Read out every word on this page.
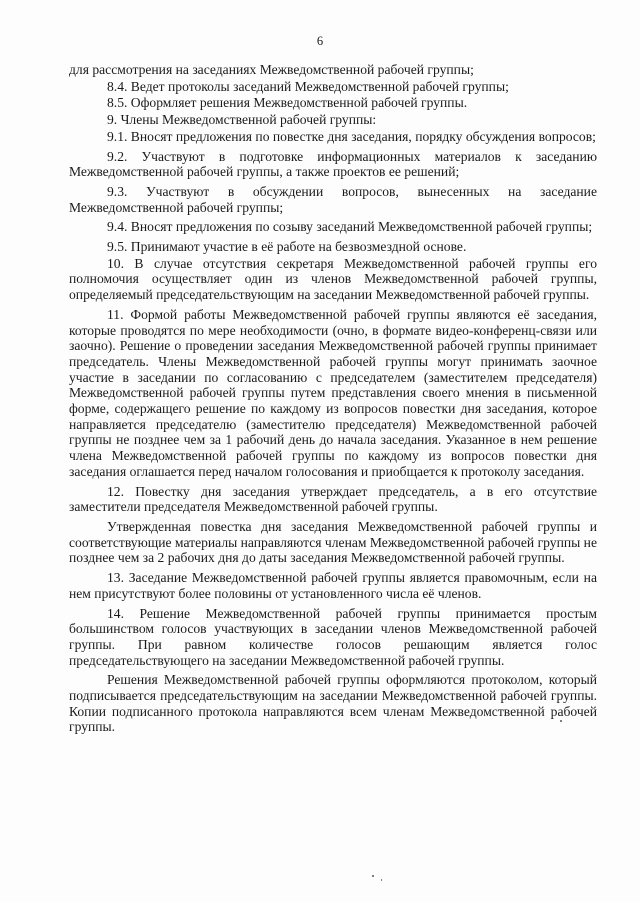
6

для рассмотрения на заседаниях Межведомственной рабочей группы;

8.4. Ведет протоколы заседаний Межведомственной рабочей группы;

8.5. Оформляет решения Межведомственной рабочей группы.

9. Члены Межведомственной рабочей группы:

9.1. Вносят предложения по повестке дня заседания, порядку обсуждения вопросов;

9.2. Участвуют в подготовке информационных материалов к заседанию Межведомственной рабочей группы, а также проектов ее решений;

9.3. Участвуют в обсуждении вопросов, вынесенных на заседание Межведомственной рабочей группы;

9.4. Вносят предложения по созыву заседаний Межведомственной рабочей группы;

9.5. Принимают участие в её работе на безвозмездной основе.

10. В случае отсутствия секретаря Межведомственной рабочей группы его полномочия осуществляет один из членов Межведомственной рабочей группы, определяемый председательствующим на заседании Межведомственной рабочей группы.

11. Формой работы Межведомственной рабочей группы являются её заседания, которые проводятся по мере необходимости (очно, в формате видео-конференц-связи или заочно). Решение о проведении заседания Межведомственной рабочей группы принимает председатель. Члены Межведомственной рабочей группы могут принимать заочное участие в заседании по согласованию с председателем (заместителем председателя) Межведомственной рабочей группы путем представления своего мнения в письменной форме, содержащего решение по каждому из вопросов повестки дня заседания, которое направляется председателю (заместителю председателя) Межведомственной рабочей группы не позднее чем за 1 рабочий день до начала заседания. Указанное в нем решение члена Межведомственной рабочей группы по каждому из вопросов повестки дня заседания оглашается перед началом голосования и приобщается к протоколу заседания.

12. Повестку дня заседания утверждает председатель, а в его отсутствие заместители председателя Межведомственной рабочей группы.

Утвержденная повестка дня заседания Межведомственной рабочей группы и соответствующие материалы направляются членам Межведомственной рабочей группы не позднее чем за 2 рабочих дня до даты заседания Межведомственной рабочей группы.

13. Заседание Межведомственной рабочей группы является правомочным, если на нем присутствуют более половины от установленного числа её членов.

14. Решение Межведомственной рабочей группы принимается простым большинством голосов участвующих в заседании членов Межведомственной рабочей группы. При равном количестве голосов решающим является голос председательствующего на заседании Межведомственной рабочей группы.

Решения Межведомственной рабочей группы оформляются протоколом, который подписывается председательствующим на заседании Межведомственной рабочей группы. Копии подписанного протокола направляются всем членам Межведомственной рабочей группы.
